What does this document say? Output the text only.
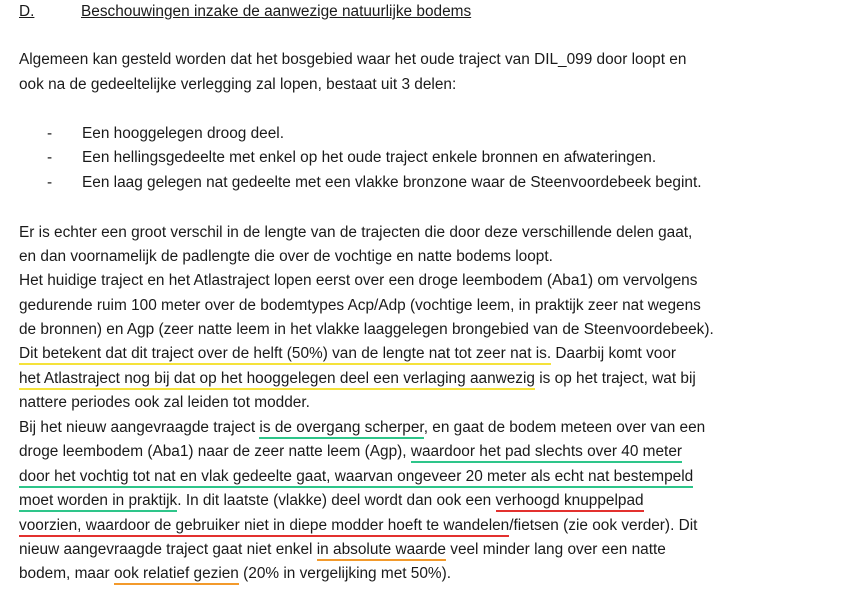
D.	Beschouwingen inzake de aanwezige natuurlijke bodems
Algemeen kan gesteld worden dat het bosgebied waar het oude traject van DIL_099 door loopt en
ook na de gedeeltelijke verlegging zal lopen, bestaat uit 3 delen:
- Een hooggelegen droog deel.
- Een hellingsgedeelte met enkel op het oude traject enkele bronnen en afwateringen.
- Een laag gelegen nat gedeelte met een vlakke bronzone waar de Steenvoordebeek begint.
Er is echter een groot verschil in de lengte van de trajecten die door deze verschillende delen gaat,
en dan voornamelijk de padlengte die over de vochtige en natte bodems loopt.
Het huidige traject en het Atlastraject lopen eerst over een droge leembodem (Aba1) om vervolgens
gedurende ruim 100 meter over de bodemtypes Acp/Adp (vochtige leem, in praktijk zeer nat wegens
de bronnen) en Agp (zeer natte leem in het vlakke laaggelegen brongebied van de Steenvoordebeek).
Dit betekent dat dit traject over de helft (50%) van de lengte nat tot zeer nat is. Daarbij komt voor
het Atlastraject nog bij dat op het hooggelegen deel een verlaging aanwezig is op het traject, wat bij
nattere periodes ook zal leiden tot modder.
Bij het nieuw aangevraagde traject is de overgang scherper, en gaat de bodem meteen over van een
droge leembodem (Aba1) naar de zeer natte leem (Agp), waardoor het pad slechts over 40 meter
door het vochtig tot nat en vlak gedeelte gaat, waarvan ongeveer 20 meter als echt nat bestempeld
moet worden in praktijk. In dit laatste (vlakke) deel wordt dan ook een verhoogd knuppelpad
voorzien, waardoor de gebruiker niet in diepe modder hoeft te wandelen/fietsen (zie ook verder). Dit
nieuw aangevraagde traject gaat niet enkel in absolute waarde veel minder lang over een natte
bodem, maar ook relatief gezien (20% in vergelijking met 50%).
